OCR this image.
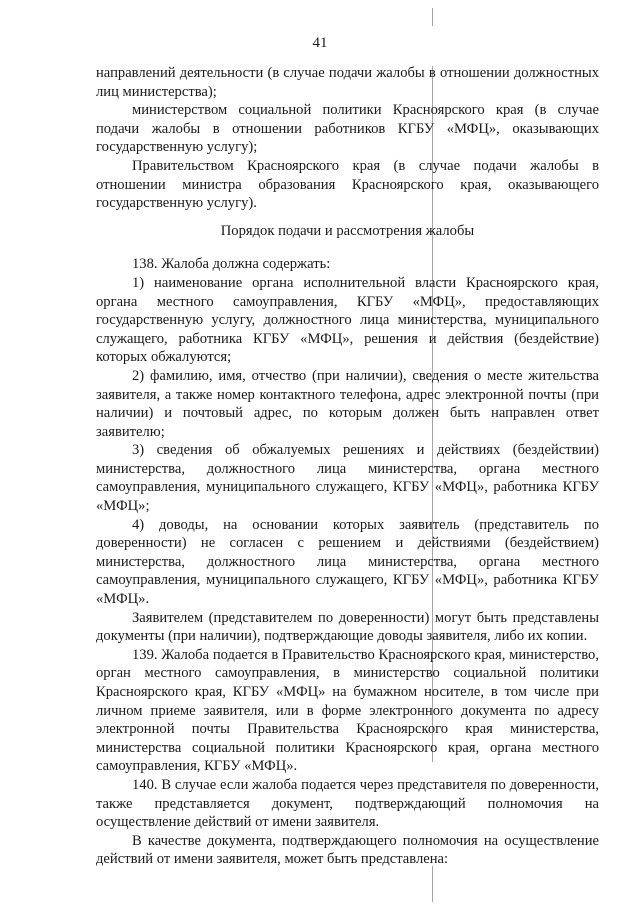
41

направлений деятельности (в случае подачи жалобы в отношении должностных лиц министерства);

министерством социальной политики Красноярского края (в случае подачи жалобы в отношении работников КГБУ «МФЦ», оказывающих государственную услугу);

Правительством Красноярского края (в случае подачи жалобы в отношении министра образования Красноярского края, оказывающего государственную услугу).

Порядок подачи и рассмотрения жалобы

138. Жалоба должна содержать:

1) наименование органа исполнительной власти Красноярского края, органа местного самоуправления, КГБУ «МФЦ», предоставляющих государственную услугу, должностного лица министерства, муниципального служащего, работника КГБУ «МФЦ», решения и действия (бездействие) которых обжалуются;

2) фамилию, имя, отчество (при наличии), сведения о месте жительства заявителя, а также номер контактного телефона, адрес электронной почты (при наличии) и почтовый адрес, по которым должен быть направлен ответ заявителю;

3) сведения об обжалуемых решениях и действиях (бездействии) министерства, должностного лица министерства, органа местного самоуправления, муниципального служащего, КГБУ «МФЦ», работника КГБУ «МФЦ»;

4) доводы, на основании которых заявитель (представитель по доверенности) не согласен с решением и действиями (бездействием) министерства, должностного лица министерства, органа местного самоуправления, муниципального служащего, КГБУ «МФЦ», работника КГБУ «МФЦ».

Заявителем (представителем по доверенности) могут быть представлены документы (при наличии), подтверждающие доводы заявителя, либо их копии.

139. Жалоба подается в Правительство Красноярского края, министерство, орган местного самоуправления, в министерство социальной политики Красноярского края, КГБУ «МФЦ» на бумажном носителе, в том числе при личном приеме заявителя, или в форме электронного документа по адресу электронной почты Правительства Красноярского края министерства, министерства социальной политики Красноярского края, органа местного самоуправления, КГБУ «МФЦ».

140. В случае если жалоба подается через представителя по доверенности, также представляется документ, подтверждающий полномочия на осуществление действий от имени заявителя.

В качестве документа, подтверждающего полномочия на осуществление действий от имени заявителя, может быть представлена:
